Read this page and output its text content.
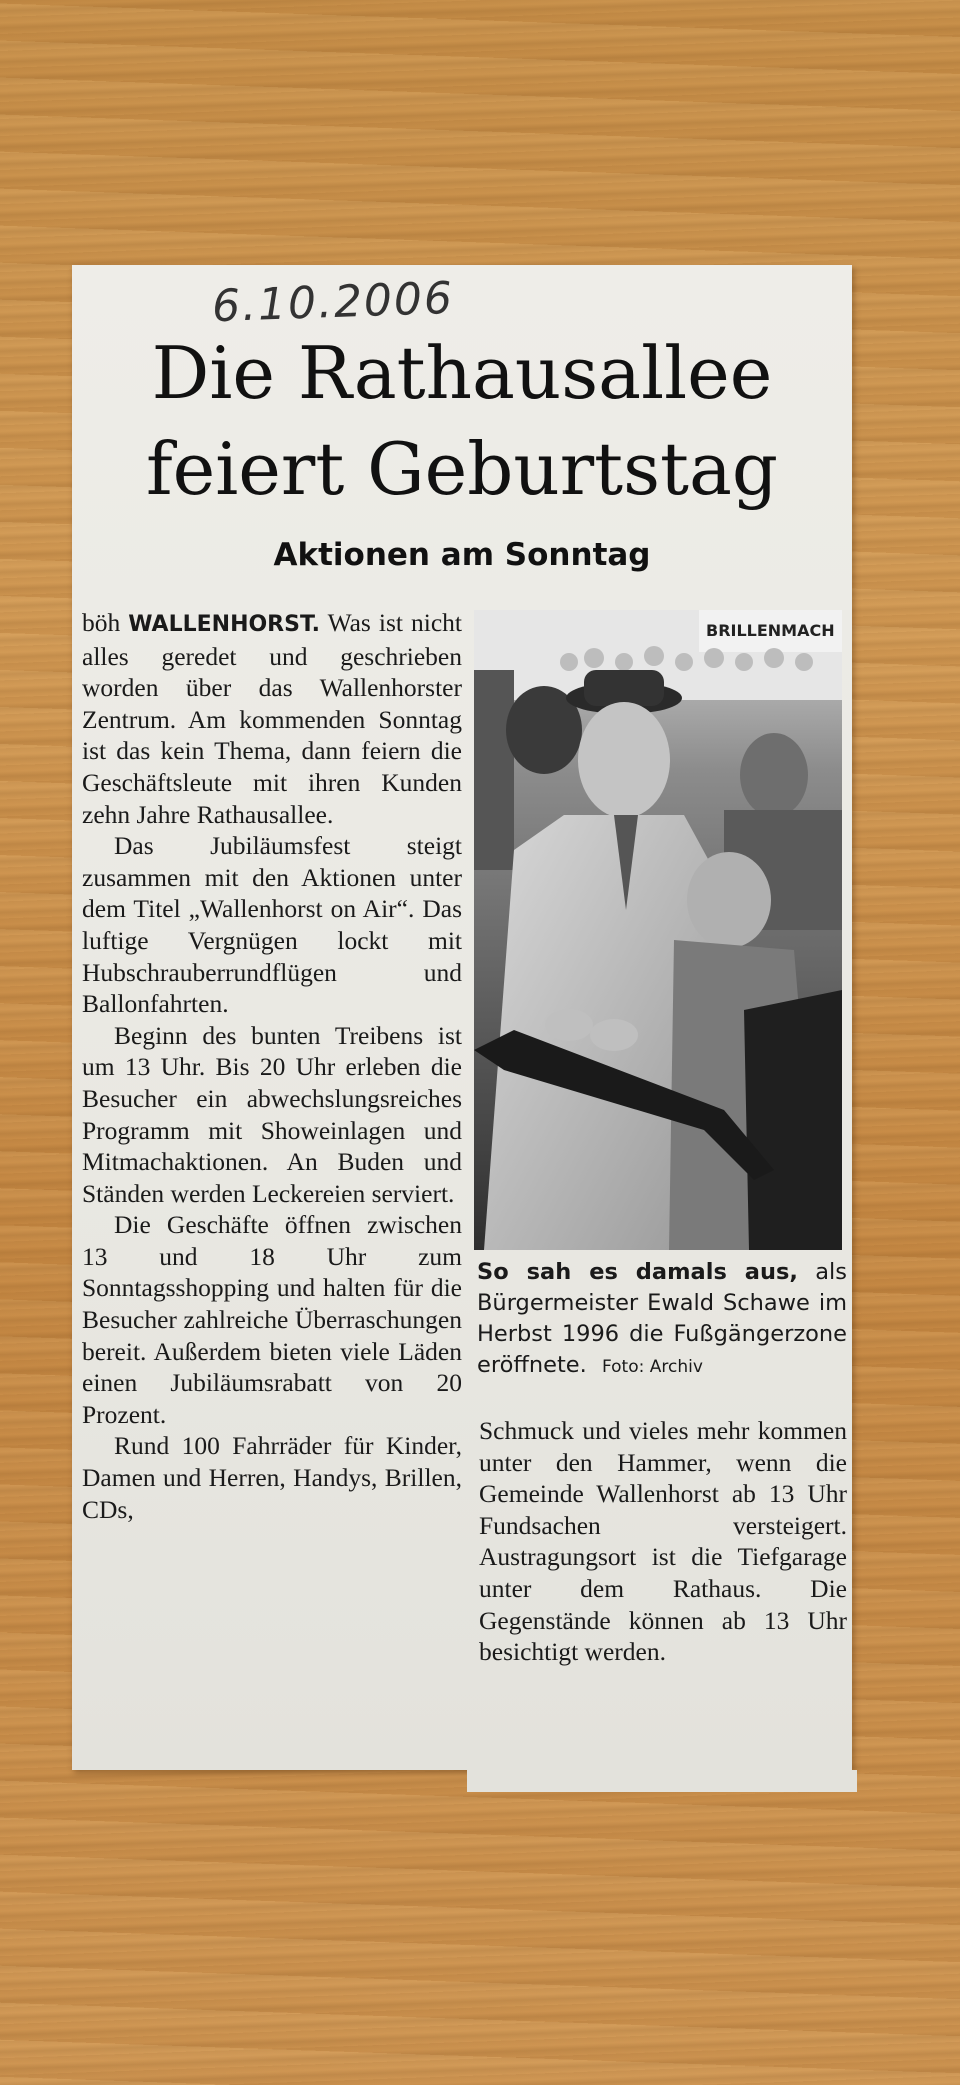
6.10.2006
Die Rathausallee
feiert Geburtstag
Aktionen am Sonntag

böh WALLENHORST. Was ist nicht alles geredet und geschrieben worden über das Wallenhorster Zentrum. Am kommenden Sonntag ist das kein Thema, dann feiern die Geschäftsleute mit ihren Kunden zehn Jahre Rathausallee.

Das Jubiläumsfest steigt zusammen mit den Aktionen unter dem Titel „Wallenhorst on Air“. Das luftige Vergnügen lockt mit Hubschrauberrundflügen und Ballonfahrten.

Beginn des bunten Treibens ist um 13 Uhr. Bis 20 Uhr erleben die Besucher ein abwechslungsreiches Programm mit Showeinlagen und Mitmachaktionen. An Buden und Ständen werden Leckereien serviert.

Die Geschäfte öffnen zwischen 13 und 18 Uhr zum Sonntagsshopping und halten für die Besucher zahlreiche Überraschungen bereit. Außerdem bieten viele Läden einen Jubiläumsrabatt von 20 Prozent.

Rund 100 Fahrräder für Kinder, Damen und Herren, Handys, Brillen, CDs,

BRILLENMACH
So sah es damals aus, als Bürgermeister Ewald Schawe im Herbst 1996 die Fußgängerzone eröffnete. Foto: Archiv

Schmuck und vieles mehr kommen unter den Hammer, wenn die Gemeinde Wallenhorst ab 13 Uhr Fundsachen versteigert. Austragungsort ist die Tiefgarage unter dem Rathaus. Die Gegenstände können ab 13 Uhr besichtigt werden.
